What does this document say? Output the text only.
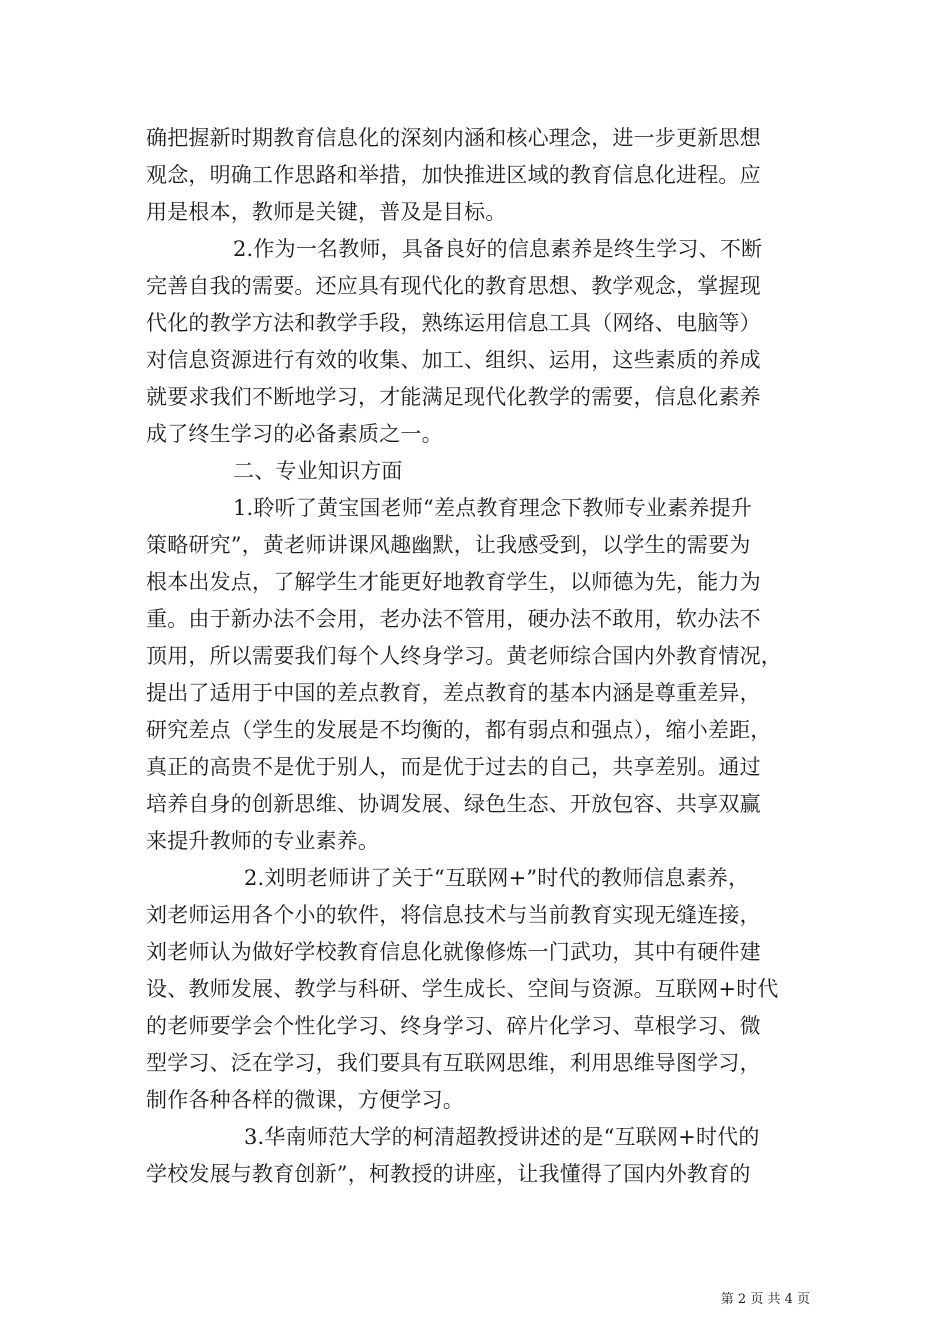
确把握新时期教育信息化的深刻内涵和核心理念，进一步更新思想
观念，明确工作思路和举措，加快推进区域的教育信息化进程。应
用是根本，教师是关键，普及是目标。
2.作为一名教师，具备良好的信息素养是终生学习、不断
完善自我的需要。还应具有现代化的教育思想、教学观念，掌握现
代化的教学方法和教学手段，熟练运用信息工具（网络、电脑等）
对信息资源进行有效的收集、加工、组织、运用，这些素质的养成
就要求我们不断地学习，才能满足现代化教学的需要，信息化素养
成了终生学习的必备素质之一。
二、专业知识方面
1.聆听了黄宝国老师“差点教育理念下教师专业素养提升
策略研究”，黄老师讲课风趣幽默，让我感受到，以学生的需要为
根本出发点，了解学生才能更好地教育学生，以师德为先，能力为
重。由于新办法不会用，老办法不管用，硬办法不敢用，软办法不
顶用，所以需要我们每个人终身学习。黄老师综合国内外教育情况，
提出了适用于中国的差点教育，差点教育的基本内涵是尊重差异，
研究差点（学生的发展是不均衡的，都有弱点和强点），缩小差距，
真正的高贵不是优于别人，而是优于过去的自己，共享差别。通过
培养自身的创新思维、协调发展、绿色生态、开放包容、共享双赢
来提升教师的专业素养。
2.刘明老师讲了关于“互联网+”时代的教师信息素养，
刘老师运用各个小的软件，将信息技术与当前教育实现无缝连接，
刘老师认为做好学校教育信息化就像修炼一门武功，其中有硬件建
设、教师发展、教学与科研、学生成长、空间与资源。互联网+时代
的老师要学会个性化学习、终身学习、碎片化学习、草根学习、微
型学习、泛在学习，我们要具有互联网思维，利用思维导图学习，
制作各种各样的微课，方便学习。
3.华南师范大学的柯清超教授讲述的是“互联网+时代的
学校发展与教育创新”，柯教授的讲座，让我懂得了国内外教育的
第 2 页 共 4 页
